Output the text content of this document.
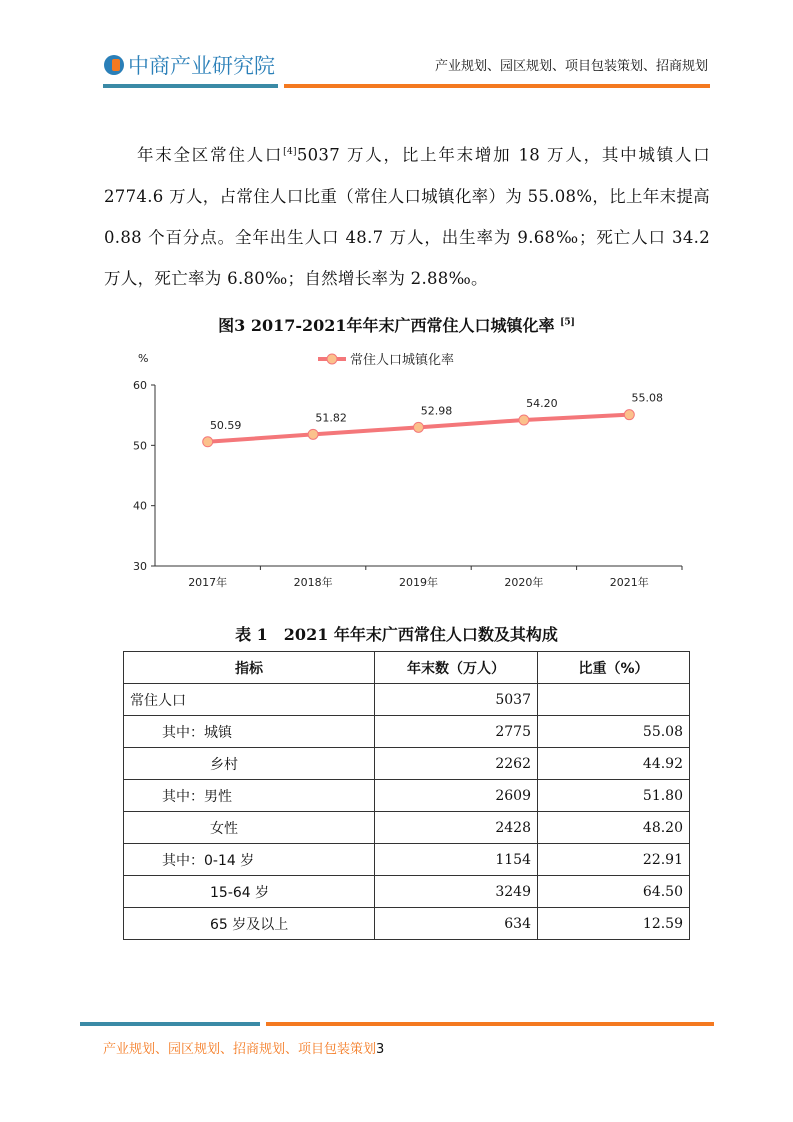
中商产业研究院	产业规划、园区规划、项目包装策划、招商规划

年末全区常住人口[4]5037 万人，比上年末增加 18 万人，其中城镇人口 2774.6 万人，占常住人口比重（常住人口城镇化率）为 55.08%，比上年末提高 0.88 个百分点。全年出生人口 48.7 万人，出生率为 9.68‰；死亡人口 34.2 万人，死亡率为 6.80‰；自然增长率为 2.88‰。

图3 2017-2021年年末广西常住人口城镇化率 [5]
%
30
40
50
60
2017年	2018年	2019年	2020年	2021年
50.59
51.82
52.98
54.20	55.08
常住人口城镇化率
表 1　2021 年年末广西常住人口数及其构成
指标	年末数（万人）	比重（%）
常住人口	5037	
其中：城镇	2775	55.08
乡村	2262	44.92
其中：男性	2609	51.80
女性	2428	48.20
其中：0-14 岁	1154	22.91
15-64 岁	3249	64.50
65 岁及以上	634	12.59
产业规划、园区规划、招商规划、项目包装策划3
